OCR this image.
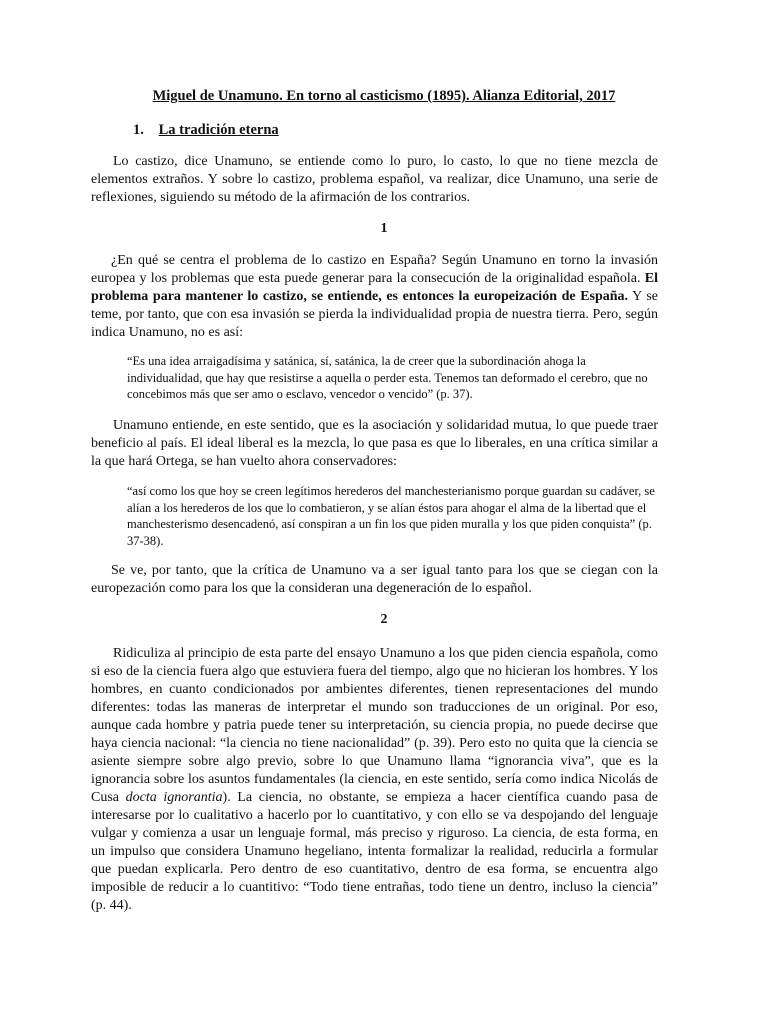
Miguel de Unamuno. En torno al casticismo (1895). Alianza Editorial, 2017
1. La tradición eterna

Lo castizo, dice Unamuno, se entiende como lo puro, lo casto, lo que no tiene mezcla de elementos extraños. Y sobre lo castizo, problema español, va realizar, dice Unamuno, una serie de reflexiones, siguiendo su método de la afirmación de los contrarios.

1

¿En qué se centra el problema de lo castizo en España? Según Unamuno en torno la invasión europea y los problemas que esta puede generar para la consecución de la originalidad española. El problema para mantener lo castizo, se entiende, es entonces la europeización de España. Y se teme, por tanto, que con esa invasión se pierda la individualidad propia de nuestra tierra. Pero, según indica Unamuno, no es así:

“Es una idea arraigadísima y satánica, sí, satánica, la de creer que la subordinación ahoga la individualidad, que hay que resistirse a aquella o perder esta. Tenemos tan deformado el cerebro, que no concebimos más que ser amo o esclavo, vencedor o vencido” (p. 37).

Unamuno entiende, en este sentido, que es la asociación y solidaridad mutua, lo que puede traer beneficio al país. El ideal liberal es la mezcla, lo que pasa es que lo liberales, en una crítica similar a la que hará Ortega, se han vuelto ahora conservadores:

“así como los que hoy se creen legítimos herederos del manchesterianismo porque guardan su cadáver, se alían a los herederos de los que lo combatieron, y se alían éstos para ahogar el alma de la libertad que el manchesterismo desencadenó, así conspiran a un fin los que piden muralla y los que piden conquista” (p. 37-38).

Se ve, por tanto, que la crítica de Unamuno va a ser igual tanto para los que se ciegan con la europezación como para los que la consideran una degeneración de lo español.

2

Ridiculiza al principio de esta parte del ensayo Unamuno a los que piden ciencia española, como si eso de la ciencia fuera algo que estuviera fuera del tiempo, algo que no hicieran los hombres. Y los hombres, en cuanto condicionados por ambientes diferentes, tienen representaciones del mundo diferentes: todas las maneras de interpretar el mundo son traducciones de un original. Por eso, aunque cada hombre y patria puede tener su interpretación, su ciencia propia, no puede decirse que haya ciencia nacional: “la ciencia no tiene nacionalidad” (p. 39). Pero esto no quita que la ciencia se asiente siempre sobre algo previo, sobre lo que Unamuno llama “ignorancia viva”, que es la ignorancia sobre los asuntos fundamentales (la ciencia, en este sentido, sería como indica Nicolás de Cusa docta ignorantia). La ciencia, no obstante, se empieza a hacer científica cuando pasa de interesarse por lo cualitativo a hacerlo por lo cuantitativo, y con ello se va despojando del lenguaje vulgar y comienza a usar un lenguaje formal, más preciso y riguroso. La ciencia, de esta forma, en un impulso que considera Unamuno hegeliano, intenta formalizar la realidad, reducirla a formular que puedan explicarla. Pero dentro de eso cuantitativo, dentro de esa forma, se encuentra algo imposible de reducir a lo cuantitivo: “Todo tiene entrañas, todo tiene un dentro, incluso la ciencia” (p. 44).
